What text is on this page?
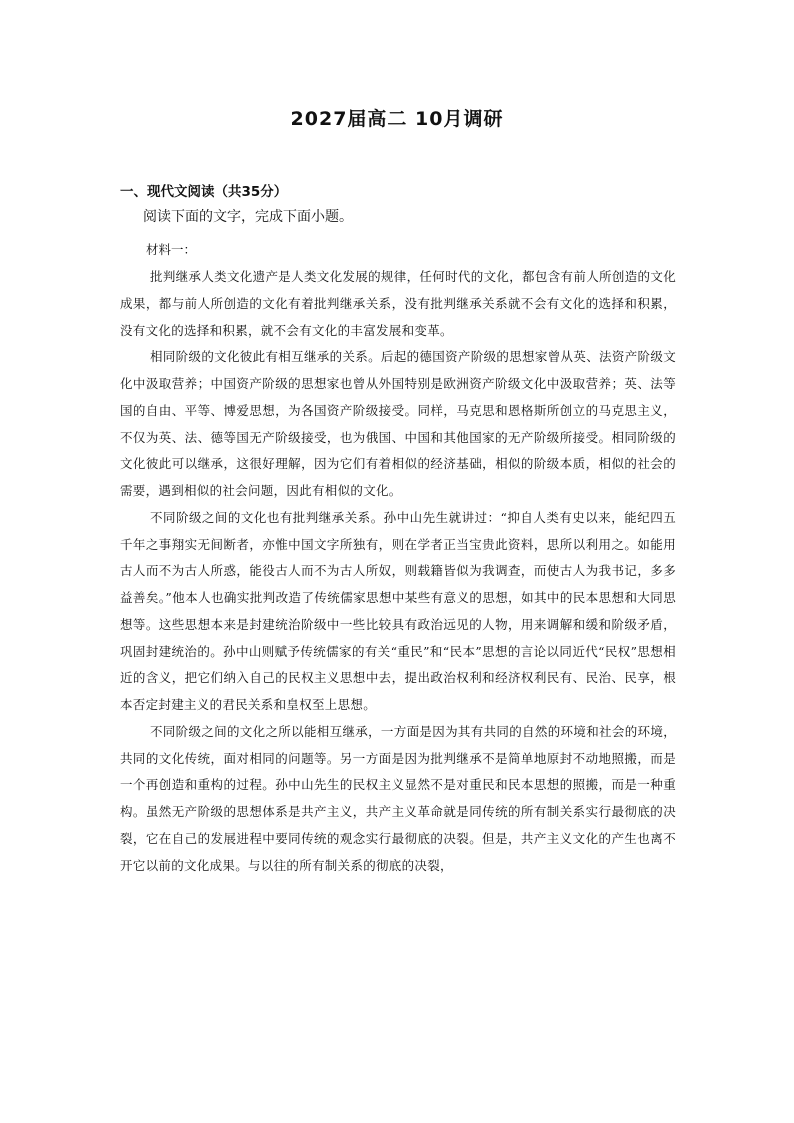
2027届高二 10月调研
一、现代文阅读（共35分）
阅读下面的文字，完成下面小题。
材料一：

批判继承人类文化遗产是人类文化发展的规律，任何时代的文化，都包含有前人所创造的文化成果，都与前人所创造的文化有着批判继承关系，没有批判继承关系就不会有文化的选择和积累，没有文化的选择和积累，就不会有文化的丰富发展和变革。

相同阶级的文化彼此有相互继承的关系。后起的德国资产阶级的思想家曾从英、法资产阶级文化中汲取营养；中国资产阶级的思想家也曾从外国特别是欧洲资产阶级文化中汲取营养；英、法等国的自由、平等、博爱思想，为各国资产阶级接受。同样，马克思和恩格斯所创立的马克思主义，不仅为英、法、德等国无产阶级接受，也为俄国、中国和其他国家的无产阶级所接受。相同阶级的文化彼此可以继承，这很好理解，因为它们有着相似的经济基础，相似的阶级本质，相似的社会的需要，遇到相似的社会问题，因此有相似的文化。

不同阶级之间的文化也有批判继承关系。孙中山先生就讲过：“抑自人类有史以来，能纪四五千年之事翔实无间断者，亦惟中国文字所独有，则在学者正当宝贵此资料，思所以利用之。如能用古人而不为古人所惑，能役古人而不为古人所奴，则载籍皆似为我调查，而使古人为我书记，多多益善矣。”他本人也确实批判改造了传统儒家思想中某些有意义的思想，如其中的民本思想和大同思想等。这些思想本来是封建统治阶级中一些比较具有政治远见的人物，用来调解和缓和阶级矛盾，巩固封建统治的。孙中山则赋予传统儒家的有关“重民”和“民本”思想的言论以同近代“民权”思想相近的含义，把它们纳入自己的民权主义思想中去，提出政治权利和经济权利民有、民治、民享，根本否定封建主义的君民关系和皇权至上思想。

不同阶级之间的文化之所以能相互继承，一方面是因为其有共同的自然的环境和社会的环境，共同的文化传统，面对相同的问题等。另一方面是因为批判继承不是简单地原封不动地照搬，而是一个再创造和重构的过程。孙中山先生的民权主义显然不是对重民和民本思想的照搬，而是一种重构。虽然无产阶级的思想体系是共产主义，共产主义革命就是同传统的所有制关系实行最彻底的决裂，它在自己的发展进程中要同传统的观念实行最彻底的决裂。但是，共产主义文化的产生也离不开它以前的文化成果。与以往的所有制关系的彻底的决裂，
